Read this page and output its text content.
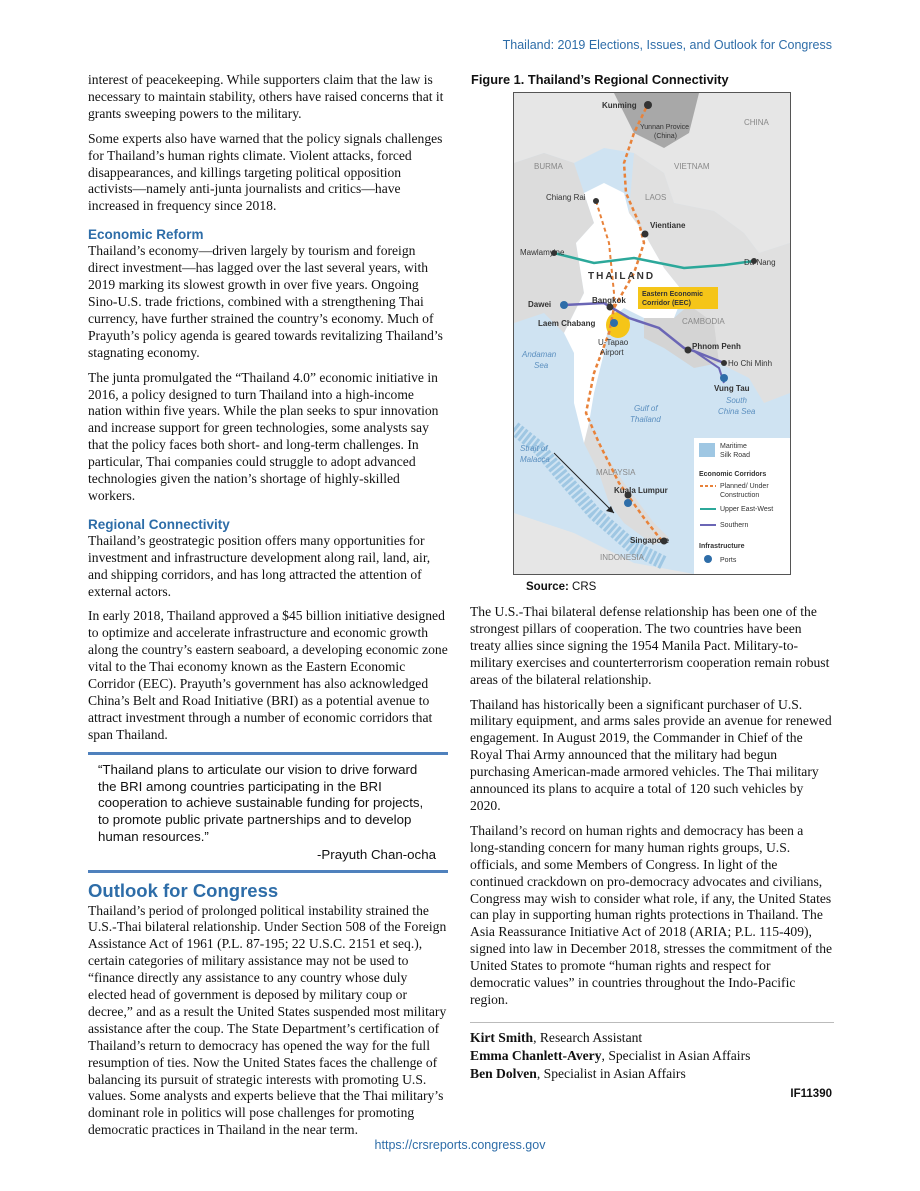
Thailand: 2019 Elections, Issues, and Outlook for Congress

interest of peacekeeping. While supporters claim that the law is necessary to maintain stability, others have raised concerns that it grants sweeping powers to the military.

Some experts also have warned that the policy signals challenges for Thailand’s human rights climate. Violent attacks, forced disappearances, and killings targeting political opposition activists—namely anti-junta journalists and critics—have increased in frequency since 2018.

Economic Reform

Thailand’s economy—driven largely by tourism and foreign direct investment—has lagged over the last several years, with 2019 marking its slowest growth in over five years. Ongoing Sino-U.S. trade frictions, combined with a strengthening Thai currency, have further strained the country’s economy. Much of Prayuth’s policy agenda is geared towards revitalizing Thailand’s stagnating economy.

The junta promulgated the “Thailand 4.0” economic initiative in 2016, a policy designed to turn Thailand into a high-income nation within five years. While the plan seeks to spur innovation and increase support for green technologies, some analysts say that the policy faces both short- and long-term challenges. In particular, Thai companies could struggle to adopt advanced technologies given the nation’s shortage of highly-skilled workers.

Regional Connectivity

Thailand’s geostrategic position offers many opportunities for investment and infrastructure development along rail, land, air, and shipping corridors, and has long attracted the attention of external actors.

In early 2018, Thailand approved a $45 billion initiative designed to optimize and accelerate infrastructure and economic growth along the country’s eastern seaboard, a developing economic zone vital to the Thai economy known as the Eastern Economic Corridor (EEC). Prayuth’s government has also acknowledged China’s Belt and Road Initiative (BRI) as a potential avenue to attract investment through a number of economic corridors that span Thailand.

“Thailand plans to articulate our vision to drive forward the BRI among countries participating in the BRI cooperation to achieve sustainable funding for projects, to promote public private partnerships and to develop human resources.”
-Prayuth Chan-ocha
Outlook for Congress

Thailand’s period of prolonged political instability strained the U.S.-Thai bilateral relationship. Under Section 508 of the Foreign Assistance Act of 1961 (P.L. 87-195; 22 U.S.C. 2151 et seq.), certain categories of military assistance may not be used to “finance directly any assistance to any country whose duly elected head of government is deposed by military coup or decree,” and as a result the United States suspended most military assistance after the coup. The State Department’s certification of Thailand’s return to democracy has opened the way for the full resumption of ties. Now the United States faces the challenge of balancing its pursuit of strategic interests with promoting U.S. values. Some analysts and experts believe that the Thai military’s dominant role in politics will pose challenges for promoting democratic practices in Thailand in the near term.

Figure 1. Thailand’s Regional Connectivity
Kunming
Yunnan Provice
(China)
CHINA
BURMA	VIETNAM
Chiang Rai	LAOS
Vientiane
Mawlamyine
Da Nang
THAILAND
Dawei	Bangkok
Eastern Economic
Corridor (EEC)
Laem Chabang	CAMBODIA
U-Tapao
Airport
Phnom Penh
Andaman
Sea	Ho Chi Minh
Vung Tau
South
China Sea
Gulf of
Thailand
Strait of
Malacca
MALAYSIA
Kuala Lumpur
Singapore
INDONESIA
Maritime
Silk Road
Economic Corridors
Planned/ Under
Construction
Upper East-West
Southern
Infrastructure
Ports
Source: CRS

The U.S.-Thai bilateral defense relationship has been one of the strongest pillars of cooperation. The two countries have been treaty allies since signing the 1954 Manila Pact. Military-to-military exercises and counterterrorism cooperation remain robust areas of the bilateral relationship.

Thailand has historically been a significant purchaser of U.S. military equipment, and arms sales provide an avenue for renewed engagement. In August 2019, the Commander in Chief of the Royal Thai Army announced that the military had begun purchasing American-made armored vehicles. The Thai military announced its plans to acquire a total of 120 such vehicles by 2020.

Thailand’s record on human rights and democracy has been a long-standing concern for many human rights groups, U.S. officials, and some Members of Congress. In light of the continued crackdown on pro-democracy advocates and civilians, Congress may wish to consider what role, if any, the United States can play in supporting human rights protections in Thailand. The Asia Reassurance Initiative Act of 2018 (ARIA; P.L. 115-409), signed into law in December 2018, stresses the commitment of the United States to promote “human rights and respect for democratic values” in countries throughout the Indo-Pacific region.

Kirt Smith, Research Assistant

Emma Chanlett-Avery, Specialist in Asian Affairs

Ben Dolven, Specialist in Asian Affairs

IF11390
https://crsreports.congress.gov
